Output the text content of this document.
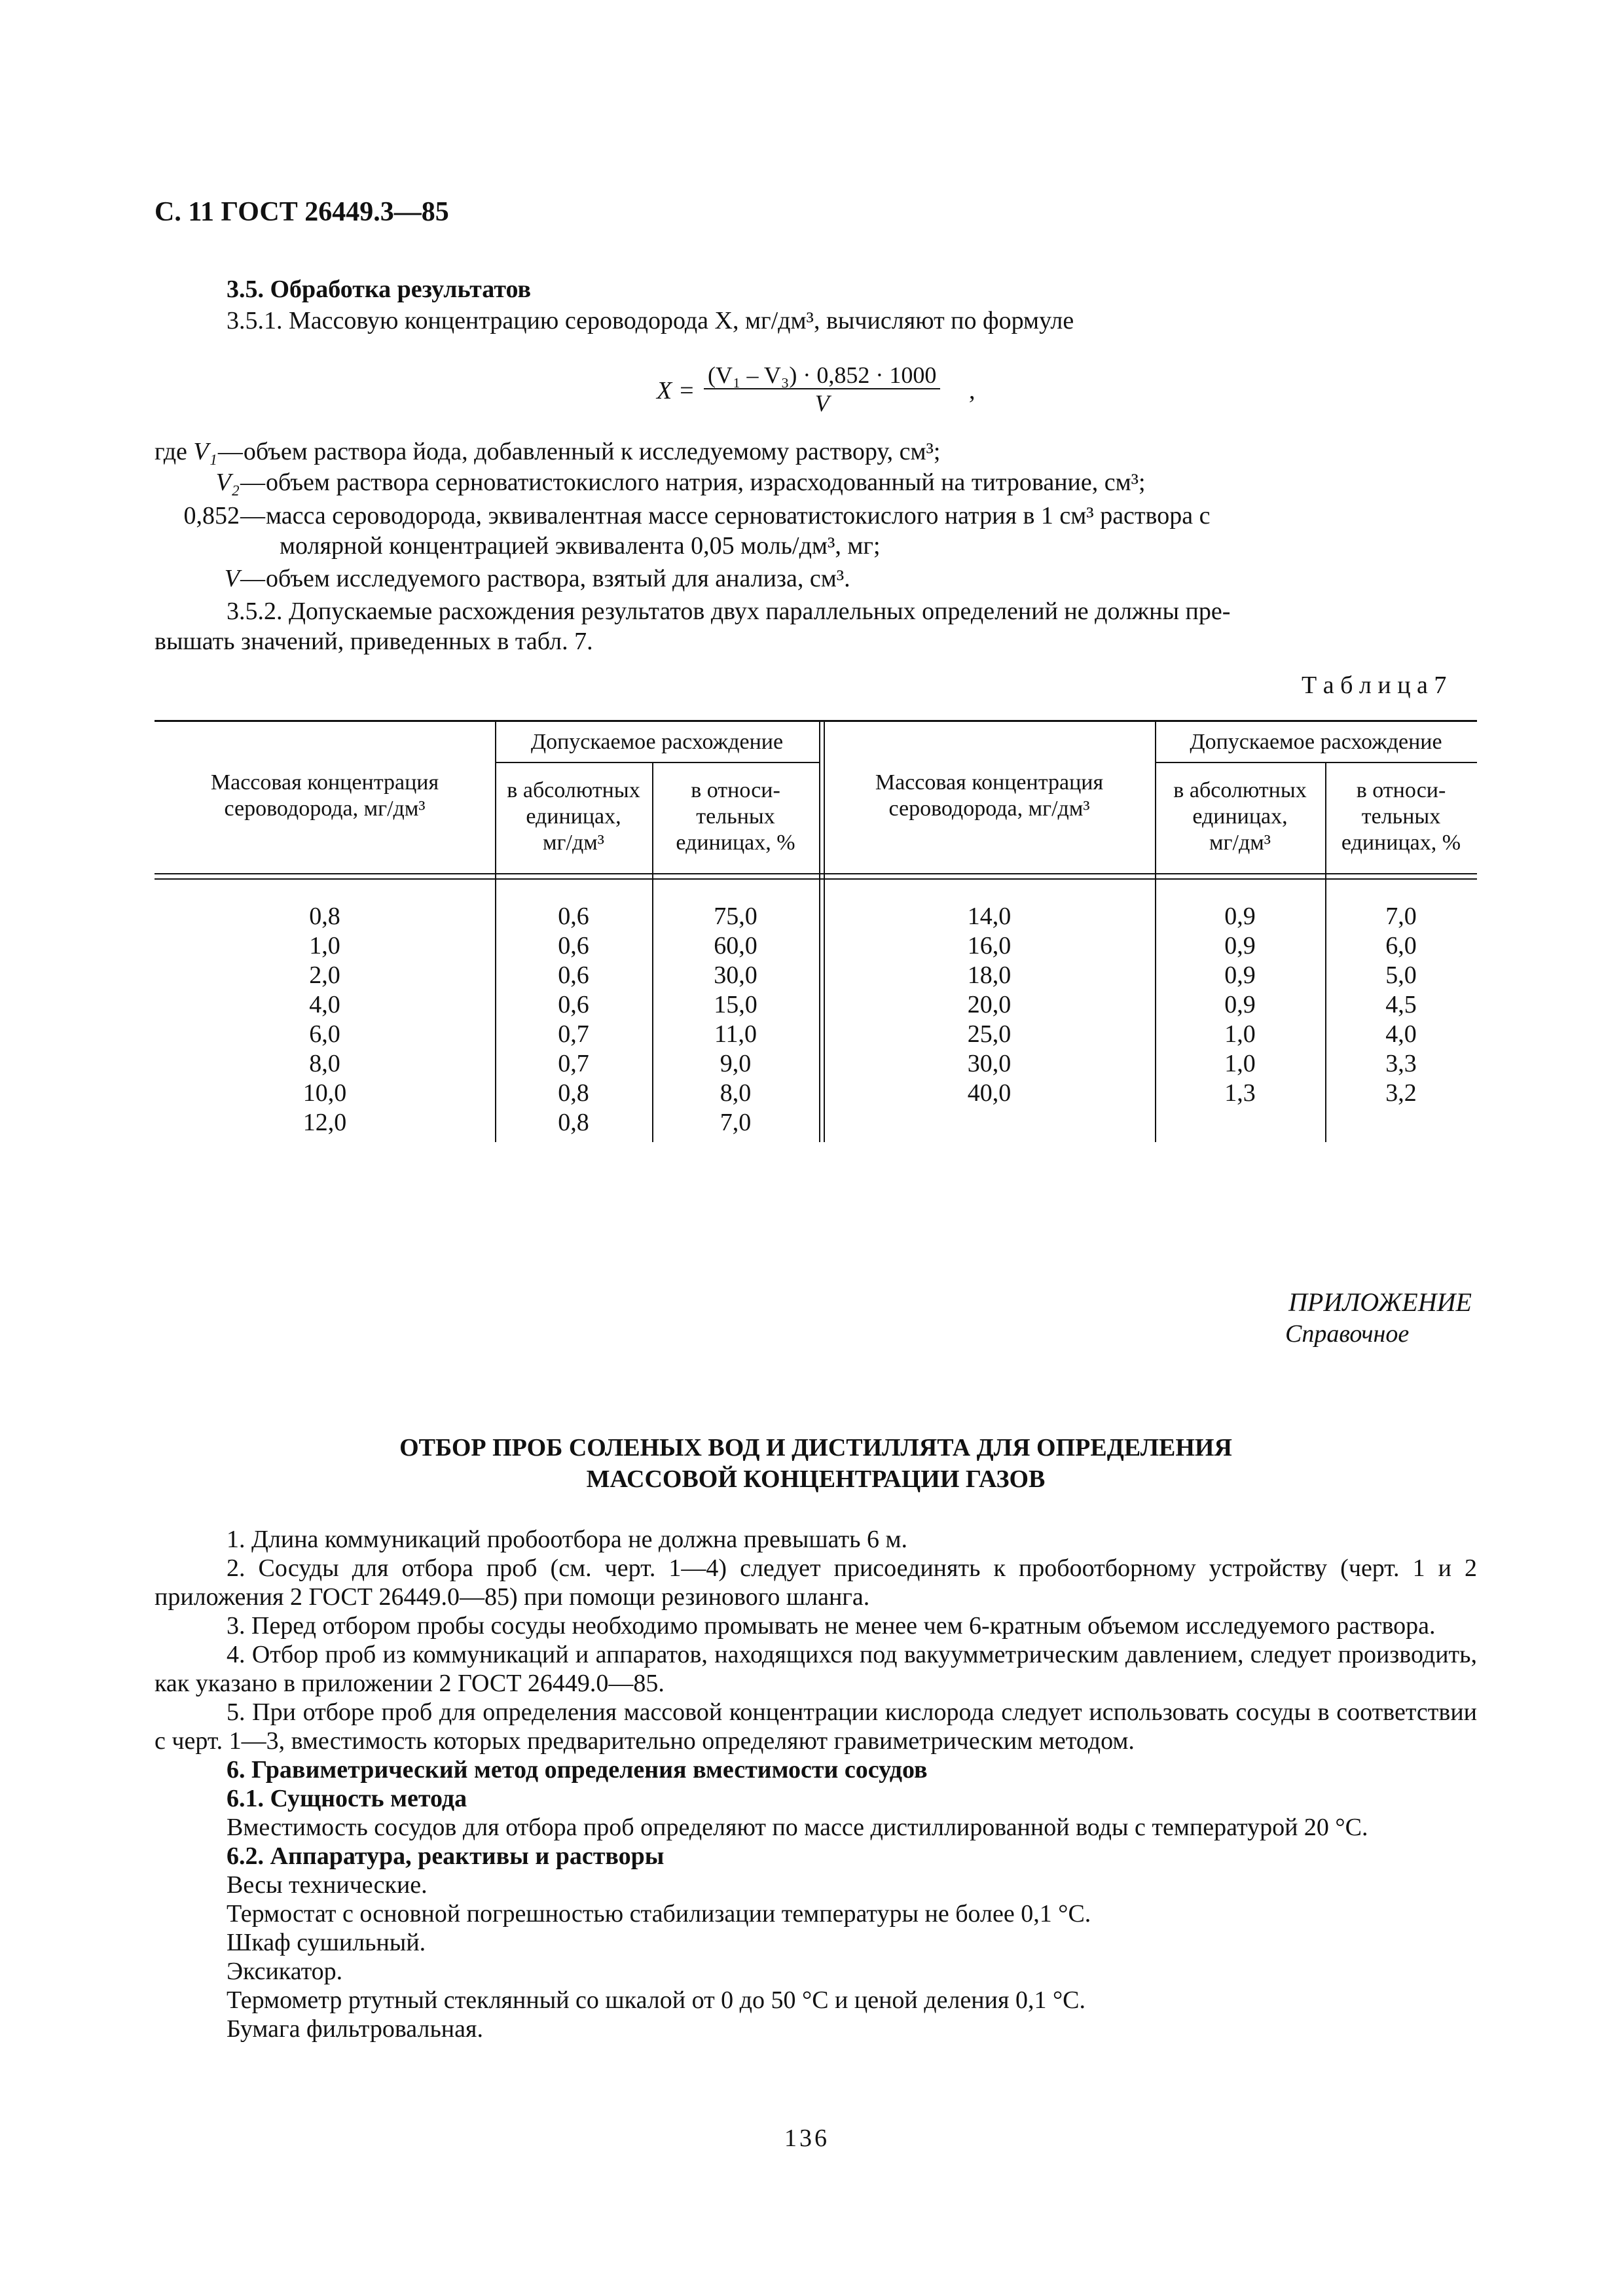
С. 11 ГОСТ 26449.3—85
3.5. Обработка результатов
3.5.1. Массовую концентрацию сероводорода X, мг/дм³, вычисляют по формуле
$X = \frac{\text{(V₁ – V₃) · 0,852 · 1000}}{V}$ ,
где V₁—объем раствора йода, добавленный к исследуемому раствору, см³;
V₂—объем раствора серноватистокислого натрия, израсходованный на титрование, см³;
0,852—масса сероводорода, эквивалентная массе серноватистокислого натрия в 1 см³ раствора с
молярной концентрацией эквивалента 0,05 моль/дм³, мг;
V—объем исследуемого раствора, взятый для анализа, см³.
3.5.2. Допускаемые расхождения результатов двух параллельных определений не должны пре-
вышать значений, приведенных в табл. 7.
Т а б л и ц а 7
Массовая концентрация
сероводорода, мг/дм³
Допускаемое расхождение
в абсолютных
единицах,
мг/дм³
в относи-
тельных
единицах, %
Массовая концентрация
сероводорода, мг/дм³
Допускаемое расхождение
в абсолютных
единицах,
мг/дм³
в относи-
тельных
единицах, %
0,8
1,0
2,0
4,0
6,0
8,0
10,0
12,0
0,6
0,6
0,6
0,6
0,7
0,7
0,8
0,8
75,0
60,0
30,0
15,0
11,0
9,0
8,0
7,0
14,0
16,0
18,0
20,0
25,0
30,0
40,0
0,9
0,9
0,9
0,9
1,0
1,0
1,3
7,0
6,0
5,0
4,5
4,0
3,3
3,2
ПРИЛОЖЕНИЕ
Справочное
ОТБОР ПРОБ СОЛЕНЫХ ВОД И ДИСТИЛЛЯТА ДЛЯ ОПРЕДЕЛЕНИЯ
МАССОВОЙ КОНЦЕНТРАЦИИ ГАЗОВ
1. Длина коммуникаций пробоотбора не должна превышать 6 м.
2. Сосуды для отбора проб (см. черт. 1—4) следует присоединять к пробоотборному устройству (черт. 1 и 2 приложения 2 ГОСТ 26449.0—85) при помощи резинового шланга.
3. Перед отбором пробы сосуды необходимо промывать не менее чем 6-кратным объемом исследуемого раствора.
4. Отбор проб из коммуникаций и аппаратов, находящихся под вакуумметрическим давлением, следует производить, как указано в приложении 2 ГОСТ 26449.0—85.
5. При отборе проб для определения массовой концентрации кислорода следует использовать сосуды в соответствии с черт. 1—3, вместимость которых предварительно определяют гравиметрическим методом.
6. Гравиметрический метод определения вместимости сосудов
6.1. Сущность метода
Вместимость сосудов для отбора проб определяют по массе дистиллированной воды с температурой 20 °С.
6.2. Аппаратура, реактивы и растворы
Весы технические.
Термостат с основной погрешностью стабилизации температуры не более 0,1 °С.
Шкаф сушильный.
Эксикатор.
Термометр ртутный стеклянный со шкалой от 0 до 50 °С и ценой деления 0,1 °С.
Бумага фильтровальная.
136
